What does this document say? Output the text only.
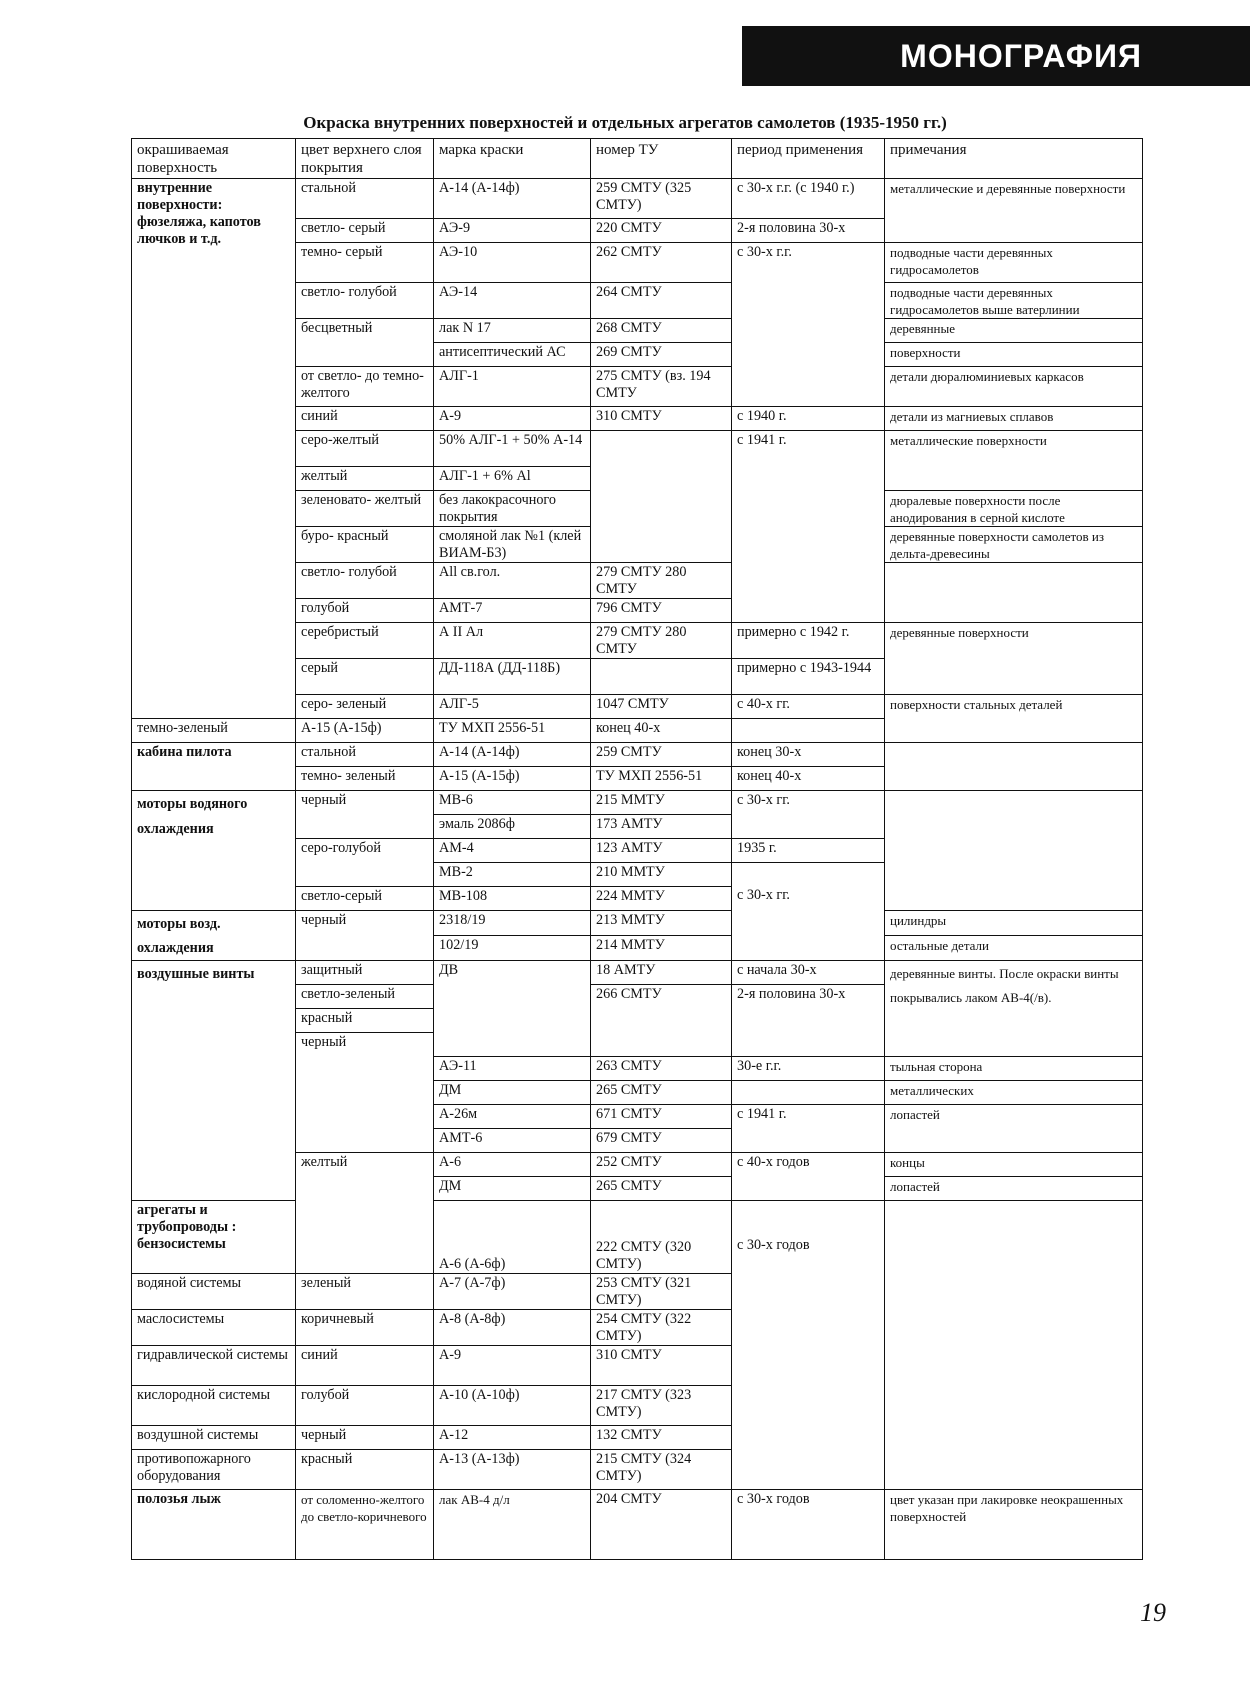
МОНОГРАФИЯ
Окраска внутренних поверхностей и отдельных агрегатов самолетов (1935-1950 гг.)
окрашиваемая поверхность	цвет верхнего слоя покрытия	марка краски	номер ТУ	период применения	примечания
внутренние поверхности: фюзеляжа, капотов лючков и т.д.	стальной	А-14 (А-14ф)	259 СМТУ (325 СМТУ)	с 30-х г.г. (с 1940 г.)	металлические и деревянные поверхности
	светло- серый	АЭ-9	220 СМТУ	2-я половина 30-х	
	темно- серый	АЭ-10	262 СМТУ	с 30-х г.г.	подводные части деревянных гидросамолетов
	светло- голубой	АЭ-14	264 СМТУ		подводные части деревянных гидросамолетов выше ватерлинии
	бесцветный	лак N 17	268 СМТУ		деревянные
		антисептический АС	269 СМТУ		поверхности
	от светло- до темно- желтого	АЛГ-1	275 СМТУ (вз. 194 СМТУ		детали дюралюминиевых каркасов
	синий	А-9	310 СМТУ	с 1940 г.	детали из магниевых сплавов
	серо-желтый	50% АЛГ-1 + 50% А-14		с 1941 г.	металлические поверхности
	желтый	АЛГ-1 + 6% Al			
	зеленовато- желтый	без лакокрасочного покрытия			дюралевые поверхности после анодирования в серной кислоте
	буро- красный	смоляной лак №1 (клей ВИАМ-Б3)			деревянные поверхности самолетов из дельта-древесины
	светло- голубой	All св.гол.	279 СМТУ 280 СМТУ		
	голубой	АМТ-7	796 СМТУ		
	серебристый	А II Ал	279 СМТУ 280 СМТУ	примерно с 1942 г.	деревянные поверхности
	серый	ДД-118А (ДД-118Б)		примерно с 1943-1944	
	серо- зеленый	АЛГ-5	1047 СМТУ	с 40-х гг.	поверхности стальных деталей
темно-зеленый	А-15 (А-15ф)	ТУ МХП 2556-51	конец 40-х		
кабина пилота	стальной	А-14 (А-14ф)	259 СМТУ	конец 30-х	
	темно- зеленый	А-15 (А-15ф)	ТУ МХП 2556-51	конец 40-х	
моторы водяного охлаждения	черный	МВ-6	215 ММТУ	с 30-х гг.	
		эмаль 2086ф	173 АМТУ		
	серо-голубой	АМ-4	123 АМТУ	1935 г.	
		МВ-2	210 ММТУ	с 30-х гг.	
	светло-серый	МВ-108	224 ММТУ		
моторы возд. охлаждения	черный	2318/19	213 ММТУ		цилиндры
		102/19	214 ММТУ		остальные детали
воздушные винты	защитный	ДВ	18 АМТУ	с начала 30-х	деревянные винты. После окраски винты покрывались лаком АВ-4(/в).
	светло-зеленый		266 СМТУ	2-я половина 30-х	
	красный				
	черный				
		АЭ-11	263 СМТУ	30-е г.г.	тыльная сторона
		ДМ	265 СМТУ		металлических
		А-26м	671 СМТУ	с 1941 г.	лопастей
		АМТ-6	679 СМТУ		
	желтый	А-6	252 СМТУ	с 40-х годов	концы
		ДМ	265 СМТУ		лопастей
агрегаты и трубопроводы : бензосистемы		А-6 (А-6ф)	222 СМТУ (320 СМТУ)	с 30-х годов	
водяной системы	зеленый	А-7 (А-7ф)	253 СМТУ (321 СМТУ)		
маслосистемы	коричневый	А-8 (А-8ф)	254 СМТУ (322 СМТУ)		
гидравлической системы	синий	А-9	310 СМТУ		
кислородной системы	голубой	А-10 (А-10ф)	217 СМТУ (323 СМТУ)		
воздушной системы	черный	А-12	132 СМТУ		
противопожарного оборудования	красный	А-13 (А-13ф)	215 СМТУ (324 СМТУ)		
полозья лыж	от соломенно-желтого до светло-коричневого	лак АВ-4 д/л	204 СМТУ	с 30-х годов	цвет указан при лакировке неокрашенных поверхностей
19
